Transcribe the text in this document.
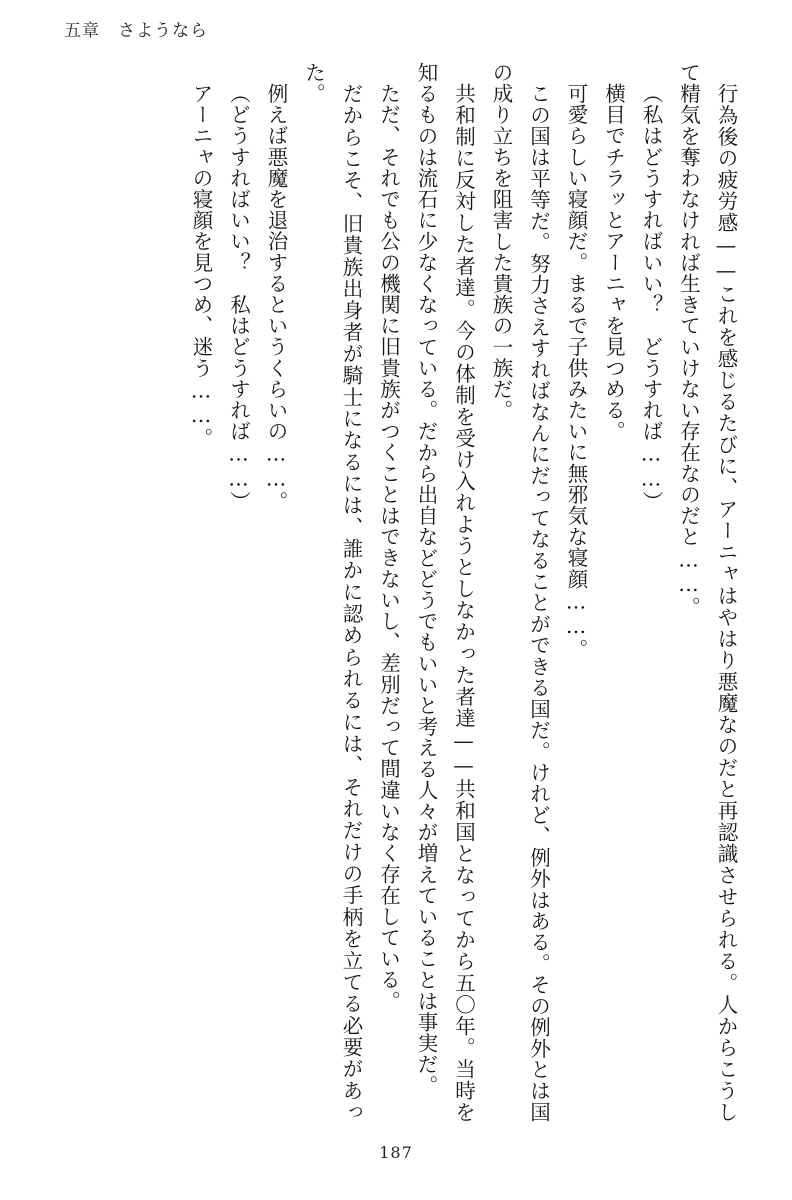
五章　さようなら

行為後の疲労感——これを感じるたびに、アーニャはやはり悪魔なのだと再認識させられる。人からこうして精気を奪わなければ生きていけない存在なのだと……。

（私はどうすればいい？　どうすれば……）

横目でチラッとアーニャを見つめる。

可愛らしい寝顔だ。まるで子供みたいに無邪気な寝顔……。

この国は平等だ。努力さえすればなんにだってなることができる国だ。けれど、例外はある。その例外とは国の成り立ちを阻害した貴族の一族だ。

共和制に反対した者達。今の体制を受け入れようとしなかった者達——共和国となってから五〇年。当時を知るものは流石に少なくなっている。だから出自などどうでもいいと考える人々が増えていることは事実だ。

ただ、それでも公の機関に旧貴族がつくことはできないし、差別だって間違いなく存在している。

だからこそ、旧貴族出身者が騎士になるには、誰かに認められるには、それだけの手柄を立てる必要があった。

例えば悪魔を退治するというくらいの……。

（どうすればいい？　私はどうすれば……）

アーニャの寝顔を見つめ、迷う……。

187
